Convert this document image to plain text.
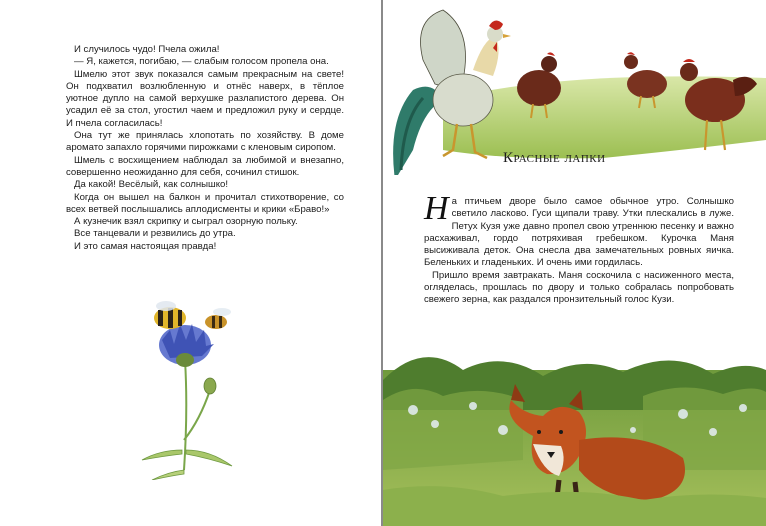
И случилось чудо! Пчела ожила!

— Я, кажется, погибаю, — слабым голосом пропела она.

Шмелю этот звук показался самым прекрасным на свете! Он подхватил возлюбленную и отнёс наверх, в тёплое уютное дупло на самой верхушке разлапистого дерева. Он усадил её за стол, угостил чаем и предложил руку и сердце. И пчела согласилась!

Она тут же принялась хлопотать по хозяйству. В доме аромато запахло горячими пирожками с кленовым сиропом.

Шмель с восхищением наблюдал за любимой и внезапно, совершенно неожиданно для себя, сочинил стишок.

Да какой! Весёлый, как солнышко!

Когда он вышел на балкон и прочитал стихотворение, со всех ветвей послышались аплодисменты и крики «Браво!»

А кузнечик взял скрипку и сыграл озорную польку.

Все танцевали и резвились до утра.

И это самая настоящая правда!

Красные лапки

На птичьем дворе было самое обычное утро. Солнышко светило ласково. Гуси щипали траву. Утки плескались в луже. Петух Кузя уже давно пропел свою утреннюю песенку и важно расхаживал, гордо потряхивая гребешком. Курочка Маня высиживала деток. Она снесла два замечательных ровных яичка. Беленьких и гладеньких. И очень ими гордилась.

Пришло время завтракать. Маня соскочила с насиженного места, огляделась, прошлась по двору и только собралась попробовать свежего зерна, как раздался пронзительный голос Кузи.
